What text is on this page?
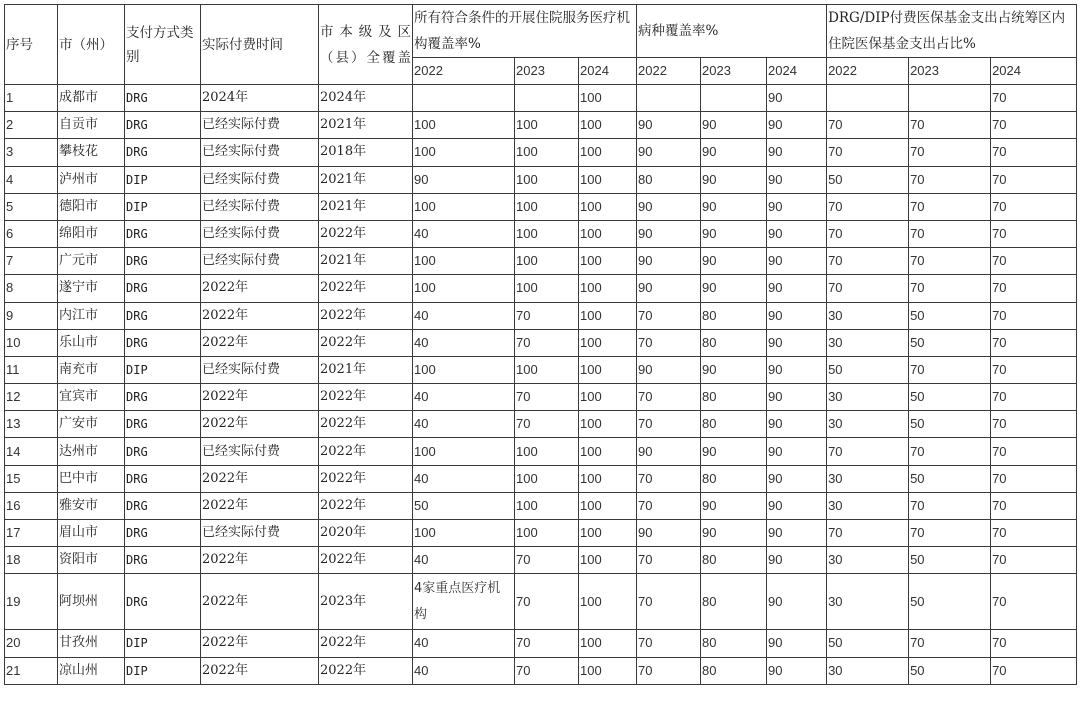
序号	市（州）	支付方式类别	实际付费时间	市本级及区（县）全覆盖	所有符合条件的开展住院服务医疗机构覆盖率%			病种覆盖率%			DRG/DIP付费医保基金支出占统筹区内住院医保基金支出占比%		
					2022	2023	2024	2022	2023	2024	2022	2023	2024
1	成都市	DRG	2024年	2024年			100			90			70
2	自贡市	DRG	已经实际付费	2021年	100	100	100	90	90	90	70	70	70
3	攀枝花	DRG	已经实际付费	2018年	100	100	100	90	90	90	70	70	70
4	泸州市	DIP	已经实际付费	2021年	90	100	100	80	90	90	50	70	70
5	德阳市	DIP	已经实际付费	2021年	100	100	100	90	90	90	70	70	70
6	绵阳市	DRG	已经实际付费	2022年	40	100	100	90	90	90	70	70	70
7	广元市	DRG	已经实际付费	2021年	100	100	100	90	90	90	70	70	70
8	遂宁市	DRG	2022年	2022年	100	100	100	90	90	90	70	70	70
9	内江市	DRG	2022年	2022年	40	70	100	70	80	90	30	50	70
10	乐山市	DRG	2022年	2022年	40	70	100	70	80	90	30	50	70
11	南充市	DIP	已经实际付费	2021年	100	100	100	90	90	90	50	70	70
12	宜宾市	DRG	2022年	2022年	40	70	100	70	80	90	30	50	70
13	广安市	DRG	2022年	2022年	40	70	100	70	80	90	30	50	70
14	达州市	DRG	已经实际付费	2022年	100	100	100	90	90	90	70	70	70
15	巴中市	DRG	2022年	2022年	40	100	100	70	80	90	30	50	70
16	雅安市	DRG	2022年	2022年	50	100	100	70	90	90	30	70	70
17	眉山市	DRG	已经实际付费	2020年	100	100	100	90	90	90	70	70	70
18	资阳市	DRG	2022年	2022年	40	70	100	70	80	90	30	50	70
19	阿坝州	DRG	2022年	2023年	4家重点医疗机构	70	100	70	80	90	30	50	70
20	甘孜州	DIP	2022年	2022年	40	70	100	70	80	90	50	70	70
21	凉山州	DIP	2022年	2022年	40	70	100	70	80	90	30	50	70
